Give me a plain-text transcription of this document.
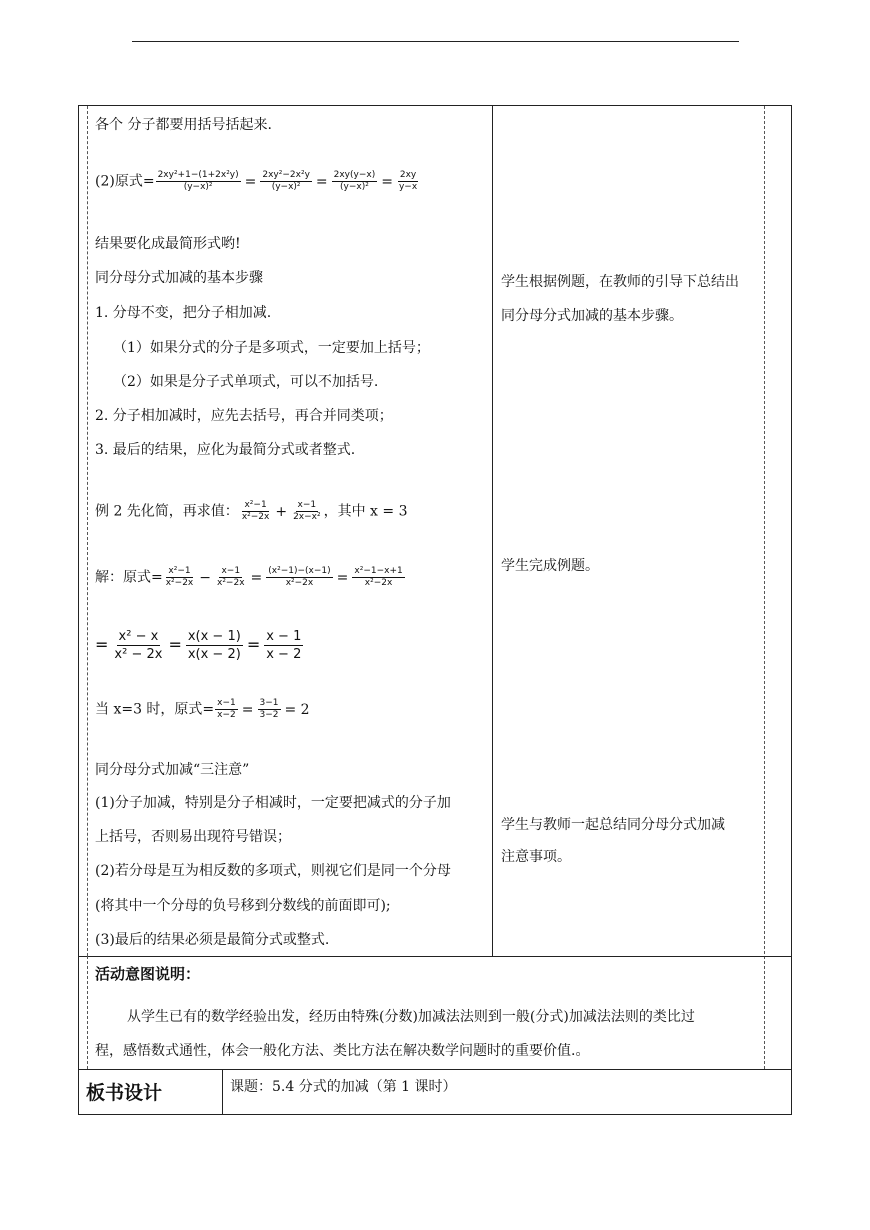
各个 分子都要用括号括起来.
(2)原式= $\frac{\text{2xy²+1−(1+2x²y)}}{\text{(y−x)²}} = \frac{\text{2xy²−2x²y}}{\text{(y−x)²}} = \frac{2xy(y-x)}{\text{(y−x)²}} = \frac{2xy}{y-x}$
结果要化成最简形式哟!
同分母分式加减的基本步骤
1. 分母不变，把分子相加减.
（1）如果分式的分子是多项式，一定要加上括号；
（2）如果是分子式单项式，可以不加括号.
2. 分子相加减时，应先去括号，再合并同类项；
3. 最后的结果，应化为最简分式或者整式.
例 2 先化简，再求值： $\frac{\text{x²−1}}{\text{x²−2x}} + \frac{x-1}{\text{2x−x²}}$ ，其中 x = 3
解：原式= $\frac{\text{x²−1}}{\text{x²−2x}} - \frac{x-1}{\text{x²−2x}} = \frac{\text{(x²−1)−(x−1)}}{\text{x²−2x}} = \frac{\text{x²−1−x+1}}{\text{x²−2x}}$
= $\frac{\text{x² − x}}{\text{x² − 2x}} = \frac{x(x - 1)}{x(x - 2)} = \frac{x - 1}{x - 2}$
当 x=3 时，原式= $\frac{x-1}{x-2} = \frac{3-1}{3-2} = 2$
同分母分式加减“三注意”
(1)分子加减，特别是分子相减时，一定要把减式的分子加
上括号，否则易出现符号错误；
(2)若分母是互为相反数的多项式，则视它们是同一个分母
(将其中一个分母的负号移到分数线的前面即可);
(3)最后的结果必须是最简分式或整式.
学生根据例题，在教师的引导下总结出
同分母分式加减的基本步骤。
学生完成例题。
学生与教师一起总结同分母分式加减
注意事项。
活动意图说明：
从学生已有的数学经验出发，经历由特殊(分数)加减法法则到一般(分式)加减法法则的类比过
程，感悟数式通性，体会一般化方法、类比方法在解决数学问题时的重要价值.。
板书设计	课题：5.4 分式的加减（第 1 课时）
